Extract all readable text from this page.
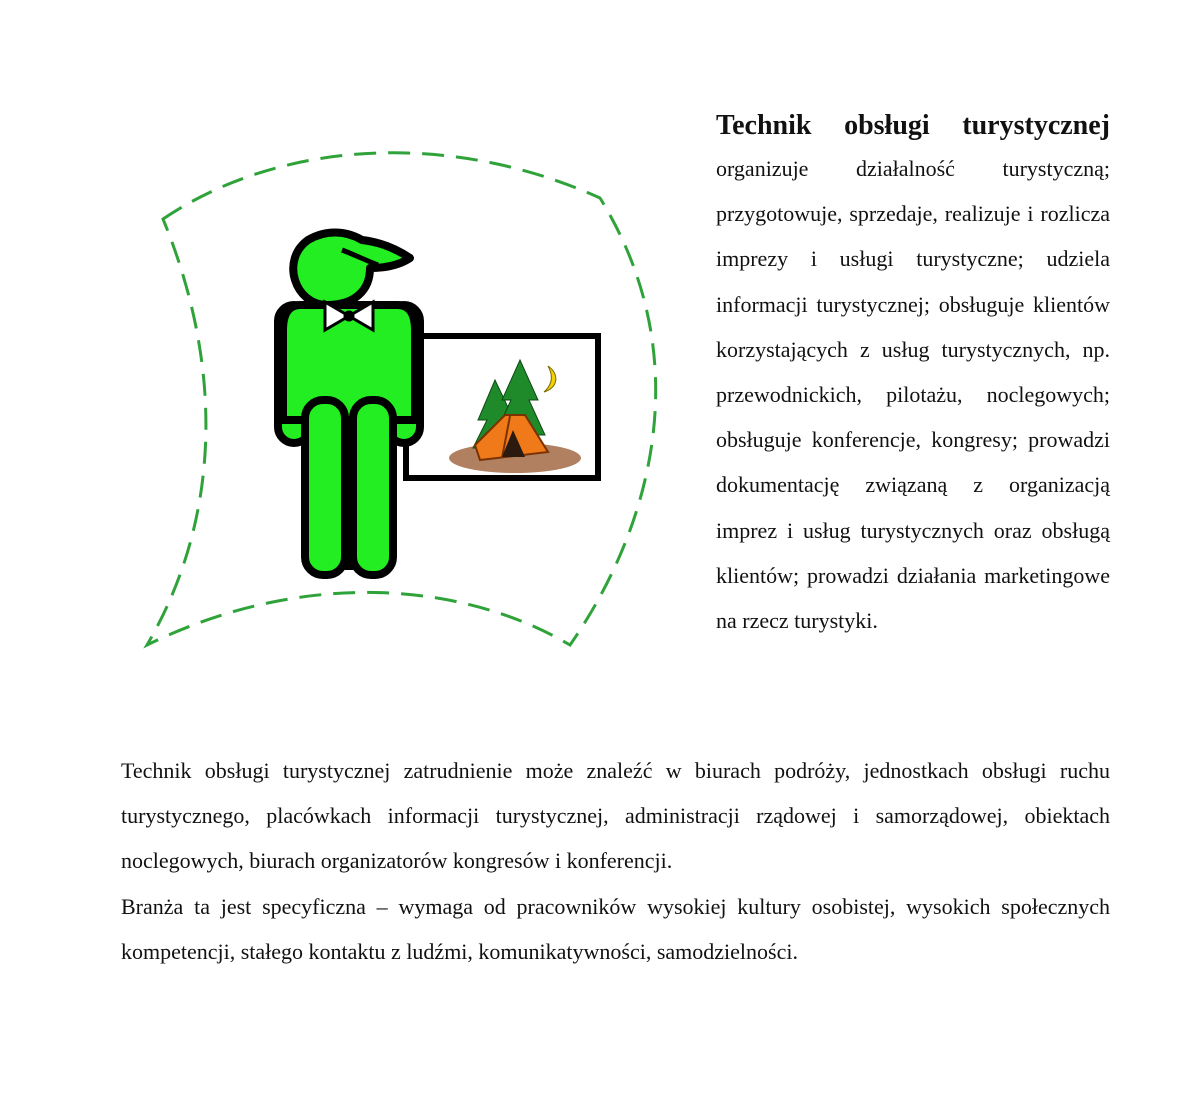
Technik obsługi turystycznej

organizuje działalność turystyczną; przygotowuje, sprzedaje, realizuje i rozlicza imprezy i usługi turystyczne; udziela informacji turystycznej; obsługuje klientów korzystających z usług turystycznych, np. przewodnickich, pilotażu, noclegowych; obsługuje konferencje, kongresy; prowadzi dokumentację związaną z organizacją imprez i usług turystycznych oraz obsługą klientów; prowadzi działania marketingowe na rzecz turystyki.

Technik obsługi turystycznej zatrudnienie może znaleźć w biurach podróży, jednostkach obsługi ruchu turystycznego, placówkach informacji turystycznej, administracji rządowej i samorządowej, obiektach noclegowych, biurach organizatorów kongresów i konferencji.

Branża ta jest specyficzna – wymaga od pracowników wysokiej kultury osobistej, wysokich społecznych kompetencji, stałego kontaktu z ludźmi, komunikatywności, samodzielności.
